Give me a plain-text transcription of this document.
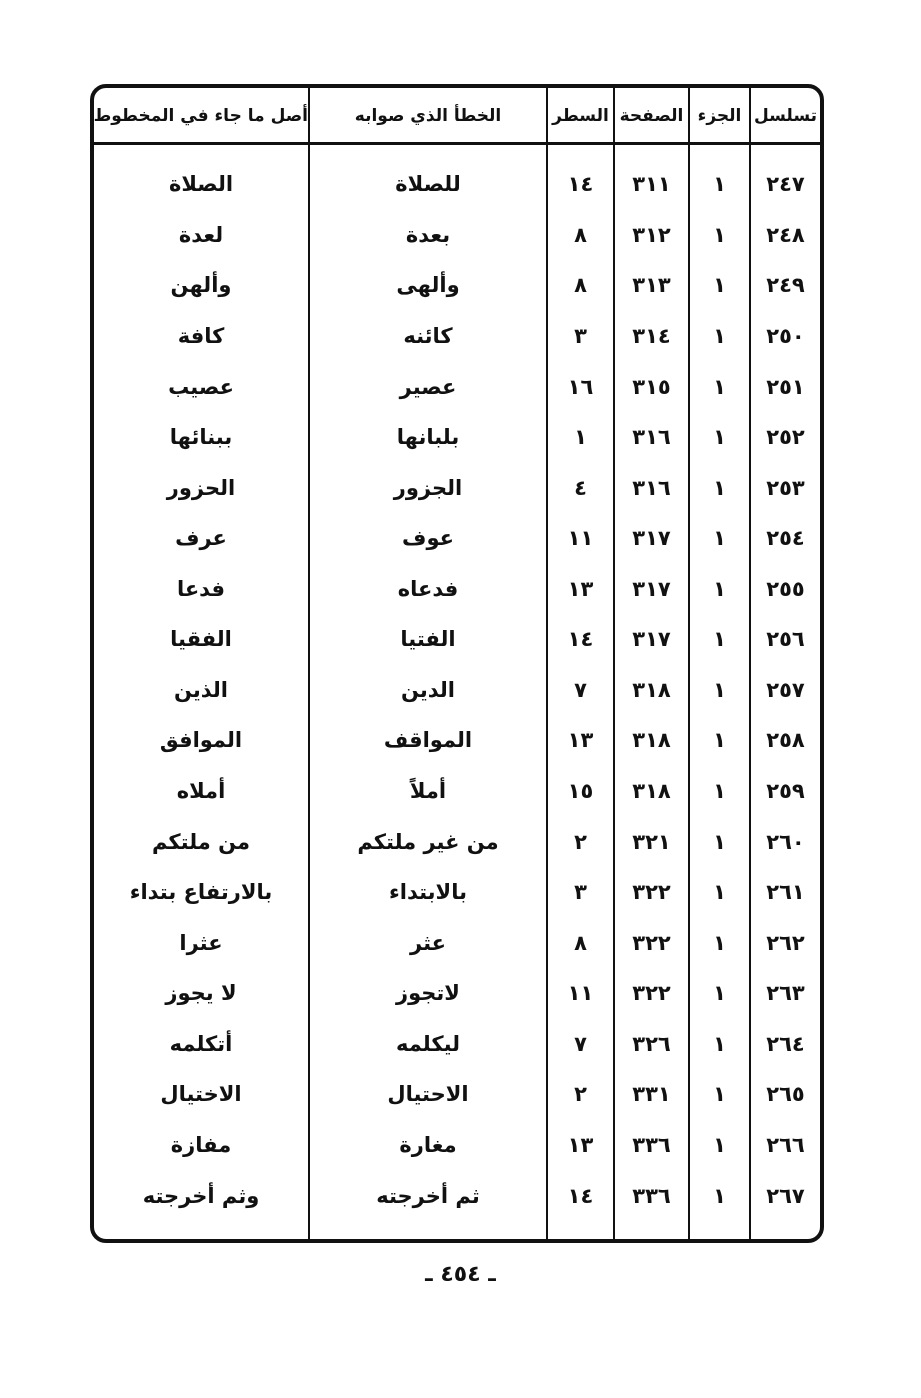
تسلسل	الجزء	الصفحة	السطر	الخطأ الذي صوابه	أصل ما جاء في المخطوط
٢٤٧	١	٣١١	١٤	للصلاة	الصلاة
٢٤٨	١	٣١٢	٨	بعدة	لعدة
٢٤٩	١	٣١٣	٨	وألهى	وألهن
٢٥٠	١	٣١٤	٣	كائنه	كافة
٢٥١	١	٣١٥	١٦	عصير	عصيب
٢٥٢	١	٣١٦	١	بلبانها	ببنائها
٢٥٣	١	٣١٦	٤	الجزور	الحزور
٢٥٤	١	٣١٧	١١	عوف	عرف
٢٥٥	١	٣١٧	١٣	فدعاه	فدعا
٢٥٦	١	٣١٧	١٤	الفتيا	الفقيا
٢٥٧	١	٣١٨	٧	الدين	الذين
٢٥٨	١	٣١٨	١٣	المواقف	الموافق
٢٥٩	١	٣١٨	١٥	أملاً	أملاه
٢٦٠	١	٣٢١	٢	من غير ملتكم	من ملتكم
٢٦١	١	٣٢٢	٣	بالابتداء	بالارتفاع بتداء
٢٦٢	١	٣٢٢	٨	عثر	عثرا
٢٦٣	١	٣٢٢	١١	لاتجوز	لا يجوز
٢٦٤	١	٣٢٦	٧	ليكلمه	أتكلمه
٢٦٥	١	٣٣١	٢	الاحتيال	الاختيال
٢٦٦	١	٣٣٦	١٣	مغارة	مفازة
٢٦٧	١	٣٣٦	١٤	ثم أخرجته	وثم أخرجته
ـ ٤٥٤ ـ
